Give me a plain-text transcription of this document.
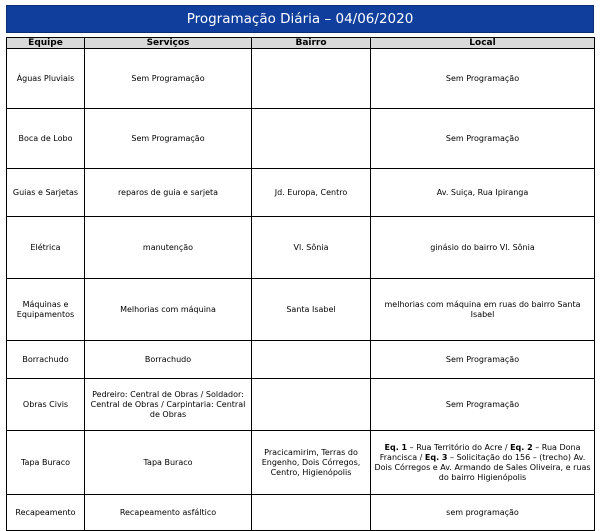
Programação Diária – 04/06/2020
Equipe	Serviços	Bairro	Local
Águas Pluviais	Sem Programação		Sem Programação
Boca de Lobo	Sem Programação		Sem Programação
Guias e Sarjetas	reparos de guia e sarjeta	Jd. Europa, Centro	Av. Suiça, Rua Ipiranga
Elétrica	manutenção	Vl. Sônia	ginásio do bairro Vl. Sônia
Máquinas e Equipamentos	Melhorias com máquina	Santa Isabel	melhorias com máquina em ruas do bairro Santa Isabel
Borrachudo	Borrachudo		Sem Programação
Obras Civis	Pedreiro: Central de Obras / Soldador: Central de Obras / Carpintaria: Central de Obras		Sem Programação
Tapa Buraco	Tapa Buraco	Pracicamirim, Terras do Engenho, Dois Córregos, Centro, Higienópolis	Eq. 1 – Rua Território do Acre / Eq. 2 – Rua Dona Francisca / Eq. 3 – Solicitação do 156 – (trecho) Av. Dois Córregos e Av. Armando de Sales Oliveira, e ruas do bairro Higienópolis
Recapeamento	Recapeamento asfáltico		sem programação
